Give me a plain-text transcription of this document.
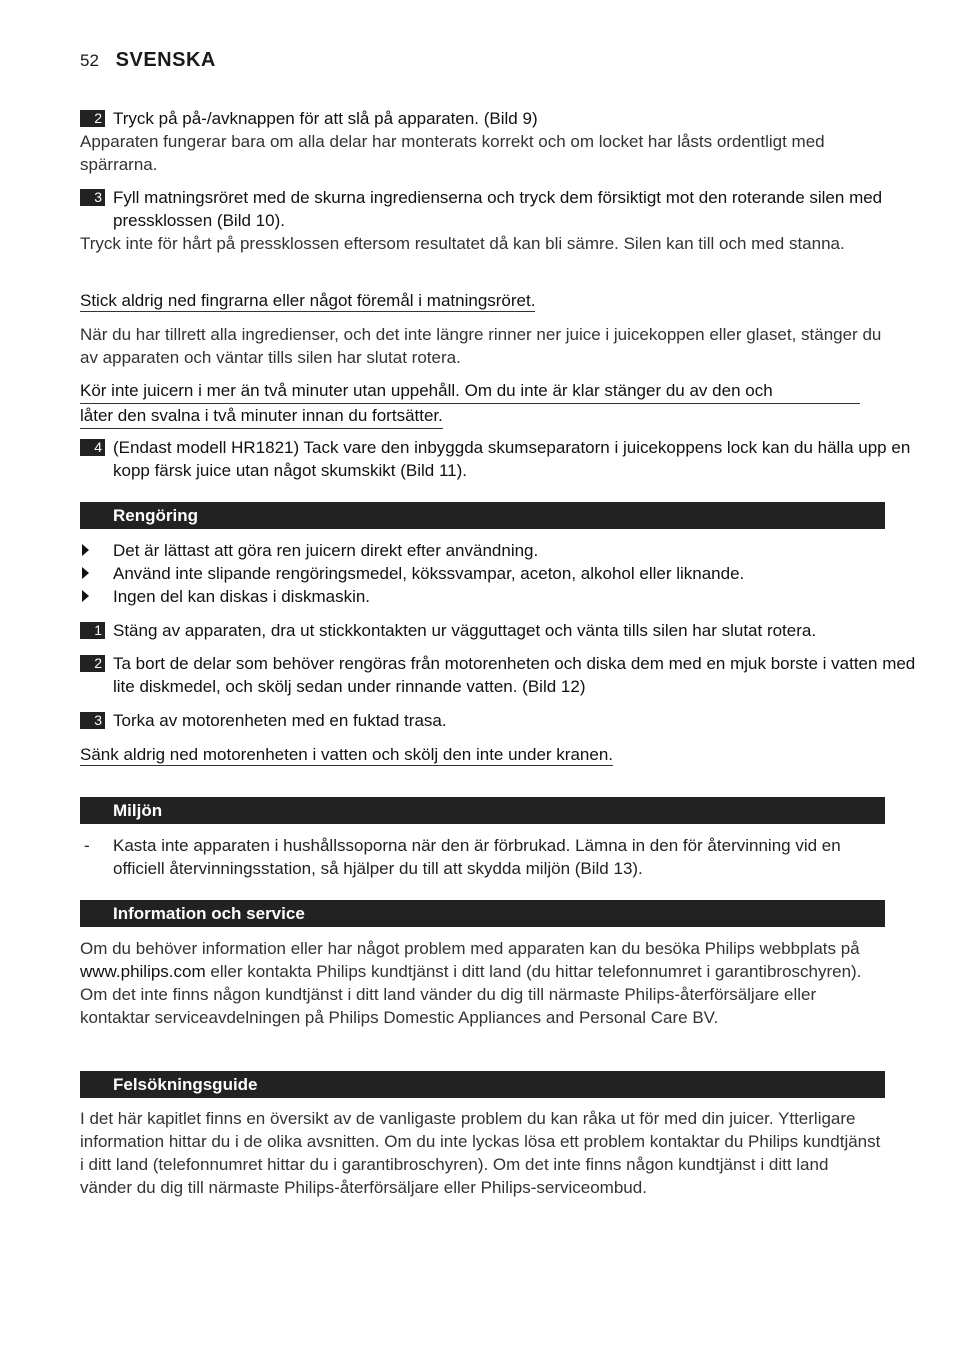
52 SVENSKA
2 Tryck på på-/avknappen för att slå på apparaten. (Bild 9)
Apparaten fungerar bara om alla delar har monterats korrekt och om locket har låsts ordentligt med spärrarna.
3 Fyll matningsröret med de skurna ingredienserna och tryck dem försiktigt mot den roterande silen med pressklossen (Bild 10).
Tryck inte för hårt på pressklossen eftersom resultatet då kan bli sämre. Silen kan till och med stanna.
Stick aldrig ned fingrarna eller något föremål i matningsröret.
När du har tillrett alla ingredienser, och det inte längre rinner ner juice i juicekoppen eller glaset, stänger du av apparaten och väntar tills silen har slutat rotera.
Kör inte juicern i mer än två minuter utan uppehåll. Om du inte är klar stänger du av den och
låter den svalna i två minuter innan du fortsätter.
4 (Endast modell HR1821) Tack vare den inbyggda skumseparatorn i juicekoppens lock kan du hälla upp en kopp färsk juice utan något skumskikt (Bild 11).
Rengöring
Det är lättast att göra ren juicern direkt efter användning.
Använd inte slipande rengöringsmedel, kökssvampar, aceton, alkohol eller liknande.
Ingen del kan diskas i diskmaskin.
1 Stäng av apparaten, dra ut stickkontakten ur vägguttaget och vänta tills silen har slutat rotera.
2 Ta bort de delar som behöver rengöras från motorenheten och diska dem med en mjuk borste i vatten med lite diskmedel, och skölj sedan under rinnande vatten. (Bild 12)
3 Torka av motorenheten med en fuktad trasa.
Sänk aldrig ned motorenheten i vatten och skölj den inte under kranen.
Miljön
- Kasta inte apparaten i hushållssoporna när den är förbrukad. Lämna in den för återvinning vid en officiell återvinningsstation, så hjälper du till att skydda miljön (Bild 13).
Information och service
Om du behöver information eller har något problem med apparaten kan du besöka Philips webbplats på www.philips.com eller kontakta Philips kundtjänst i ditt land (du hittar telefonnumret i garantibroschyren). Om det inte finns någon kundtjänst i ditt land vänder du dig till närmaste Philips-återförsäljare eller kontaktar serviceavdelningen på Philips Domestic Appliances and Personal Care BV.
Felsökningsguide
I det här kapitlet finns en översikt av de vanligaste problem du kan råka ut för med din juicer. Ytterligare information hittar du i de olika avsnitten. Om du inte lyckas lösa ett problem kontaktar du Philips kundtjänst i ditt land (telefonnumret hittar du i garantibroschyren). Om det inte finns någon kundtjänst i ditt land vänder du dig till närmaste Philips-återförsäljare eller Philips-serviceombud.
